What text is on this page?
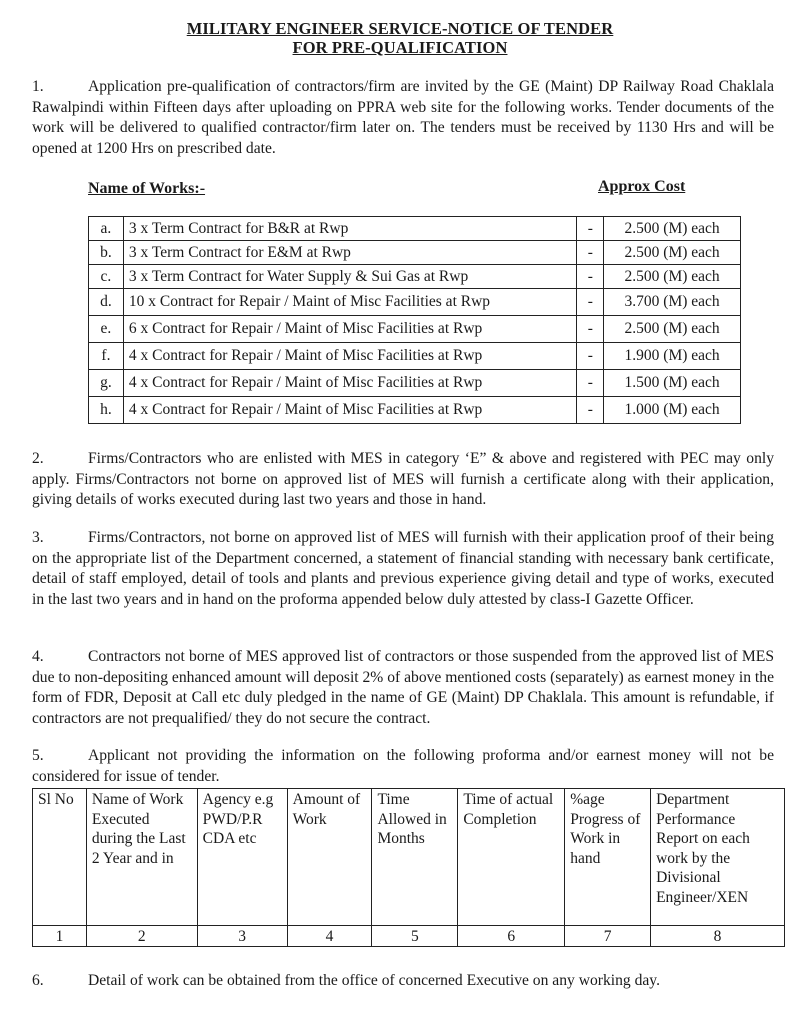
MILITARY ENGINEER SERVICE-NOTICE OF TENDER
FOR PRE-QUALIFICATION
1.	Application pre-qualification of contractors/firm are invited by the GE (Maint) DP Railway Road Chaklala Rawalpindi within Fifteen days after uploading on PPRA web site for the following works. Tender documents of the work will be delivered to qualified contractor/firm later on. The tenders must be received by 1130 Hrs and will be opened at 1200 Hrs on prescribed date.
Name of Works:-	Approx Cost
a.	3 x Term Contract for B&R at Rwp	-	2.500 (M) each
b.	3 x Term Contract for E&M at Rwp	-	2.500 (M) each
c.	3 x Term Contract for Water Supply & Sui Gas at Rwp	-	2.500 (M) each
d.	10 x Contract for Repair / Maint of Misc Facilities at Rwp	-	3.700 (M) each
e.	6 x Contract for Repair / Maint of Misc Facilities at Rwp	-	2.500 (M) each
f.	4 x Contract for Repair / Maint of Misc Facilities at Rwp	-	1.900 (M) each
g.	4 x Contract for Repair / Maint of Misc Facilities at Rwp	-	1.500 (M) each
h.	4 x Contract for Repair / Maint of Misc Facilities at Rwp	-	1.000 (M) each
2.	Firms/Contractors who are enlisted with MES in category ‘E” & above and registered with PEC may only apply. Firms/Contractors not borne on approved list of MES will furnish a certificate along with their application, giving details of works executed during last two years and those in hand.
3.	Firms/Contractors, not borne on approved list of MES will furnish with their application proof of their being on the appropriate list of the Department concerned, a statement of financial standing with necessary bank certificate, detail of staff employed, detail of tools and plants and previous experience giving detail and type of works, executed in the last two years and in hand on the proforma appended below duly attested by class-I Gazette Officer.
4.	Contractors not borne of MES approved list of contractors or those suspended from the approved list of MES due to non-depositing enhanced amount will deposit 2% of above mentioned costs (separately) as earnest money in the form of FDR, Deposit at Call etc duly pledged in the name of GE (Maint) DP Chaklala. This amount is refundable, if contractors are not prequalified/ they do not secure the contract.
5.	Applicant not providing the information on the following proforma and/or earnest money will not be considered for issue of tender.
Sl No	Name of Work Executed during the Last 2 Year and in	Agency e.g PWD/P.R CDA etc	Amount of Work	Time Allowed in Months	Time of actual Completion	%age Progress of Work in hand	Department Performance Report on each work by the Divisional Engineer/XEN
1	2	3	4	5	6	7	8
6.	Detail of work can be obtained from the office of concerned Executive on any working day.
